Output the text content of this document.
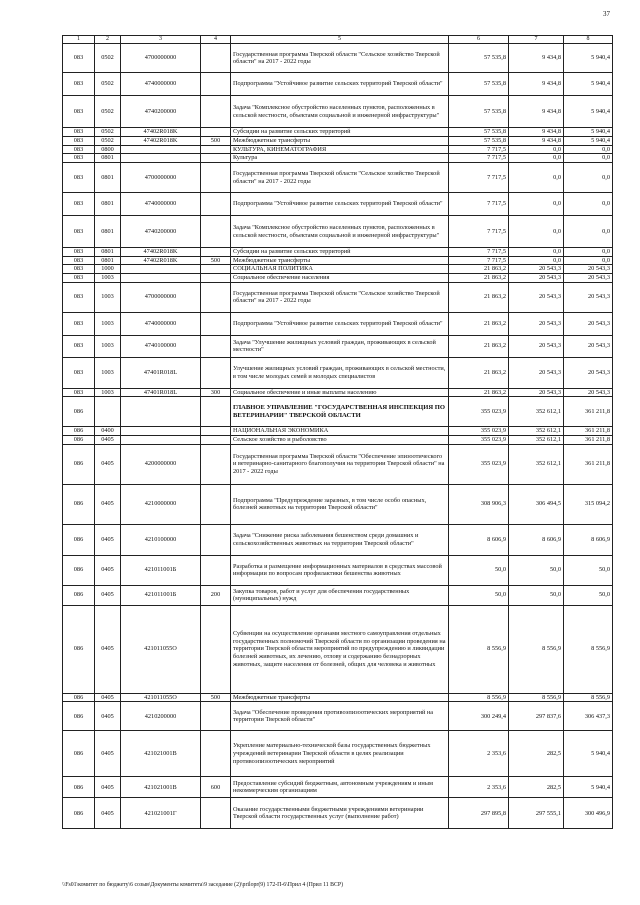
37
1	2	3	4	5	6	7	8
083	0502	4700000000		Государственная программа Тверской области "Сельское хозяйство Тверской области" на 2017 - 2022 годы	57 535,8	9 434,8	5 940,4
083	0502	4740000000		Подпрограмма "Устойчивое развитие сельских территорий Тверской области"	57 535,8	9 434,8	5 940,4
083	0502	4740200000		Задача "Комплексное обустройство населенных пунктов, расположенных в сельской местности, объектами социальной и инженерной инфраструктуры"	57 535,8	9 434,8	5 940,4
083	0502	47402R018K		Субсидии на развитие сельских территорий	57 535,8	9 434,8	5 940,4
083	0502	47402R018K	500	Межбюджетные трансферты	57 535,8	9 434,8	5 940,4
083	0800			КУЛЬТУРА, КИНЕМАТОГРАФИЯ	7 717,5	0,0	0,0
083	0801			Культура	7 717,5	0,0	0,0
083	0801	4700000000		Государственная программа Тверской области "Сельское хозяйство Тверской области" на 2017 - 2022 годы	7 717,5	0,0	0,0
083	0801	4740000000		Подпрограмма "Устойчивое развитие сельских территорий Тверской области"	7 717,5	0,0	0,0
083	0801	4740200000		Задача "Комплексное обустройство населенных пунктов, расположенных в сельской местности, объектами социальной и инженерной инфраструктуры"	7 717,5	0,0	0,0
083	0801	47402R018K		Субсидии на развитие сельских территорий	7 717,5	0,0	0,0
083	0801	47402R018K	500	Межбюджетные трансферты	7 717,5	0,0	0,0
083	1000			СОЦИАЛЬНАЯ ПОЛИТИКА	21 863,2	20 543,3	20 543,3
083	1003			Социальное обеспечение населения	21 863,2	20 543,3	20 543,3
083	1003	4700000000		Государственная программа Тверской области "Сельское хозяйство Тверской области" на 2017 - 2022 годы	21 863,2	20 543,3	20 543,3
083	1003	4740000000		Подпрограмма "Устойчивое развитие сельских территорий Тверской области"	21 863,2	20 543,3	20 543,3
083	1003	4740100000		Задача "Улучшение жилищных условий граждан, проживающих в сельской местности"	21 863,2	20 543,3	20 543,3
083	1003	47401R018L		Улучшение жилищных условий граждан, проживающих в сельской местности, в том числе молодых семей и молодых специалистов	21 863,2	20 543,3	20 543,3
083	1003	47401R018L	300	Социальное обеспечение и иные выплаты населению	21 863,2	20 543,3	20 543,3
086				ГЛАВНОЕ УПРАВЛЕНИЕ "ГОСУДАРСТВЕННАЯ ИНСПЕКЦИЯ ПО ВЕТЕРИНАРИИ" ТВЕРСКОЙ ОБЛАСТИ	355 023,9	352 612,1	361 211,8
086	0400			НАЦИОНАЛЬНАЯ ЭКОНОМИКА	355 023,9	352 612,1	361 211,8
086	0405			Сельское хозяйство и рыболовство	355 023,9	352 612,1	361 211,8
086	0405	4200000000		Государственная программа Тверской области "Обеспечение эпизоотического и ветеринарно-санитарного благополучия на территории Тверской области" на 2017 - 2022 годы	355 023,9	352 612,1	361 211,8
086	0405	4210000000		Подпрограмма "Предупреждение заразных, в том числе особо опасных, болезней животных на территории Тверской области"	308 906,3	306 494,5	315 094,2
086	0405	4210100000		Задача "Снижение риска заболевания бешенством среди домашних и сельскохозяйственных животных на территории Тверской области"	8 606,9	8 606,9	8 606,9
086	0405	421011001Б		Разработка и размещение информационных материалов в средствах массовой информации по вопросам профилактики бешенства животных	50,0	50,0	50,0
086	0405	421011001Б	200	Закупка товаров, работ и услуг для обеспечения государственных (муниципальных) нужд	50,0	50,0	50,0
086	0405	421011055О		Субвенции на осуществление органами местного самоуправления отдельных государственных полномочий Тверской области по организации проведения на территории Тверской области мероприятий по предупреждению и ликвидации болезней животных, их лечению, отлову и содержанию безнадзорных животных, защите населения от болезней, общих для человека и животных	8 556,9	8 556,9	8 556,9
086	0405	421011055О	500	Межбюджетные трансферты	8 556,9	8 556,9	8 556,9
086	0405	4210200000		Задача "Обеспечение проведения противоэпизоотических мероприятий на территории Тверской области"	300 249,4	297 837,6	306 437,3
086	0405	421021001В		Укрепление материально-технической базы государственных бюджетных учреждений ветеринарии Тверской области в целях реализации противоэпизоотических мероприятий	2 353,6	282,5	5 940,4
086	0405	421021001В	600	Предоставление субсидий бюджетным, автономным учреждениям и иным некоммерческим организациям	2 353,6	282,5	5 940,4
086	0405	421021001Г		Оказание государственными бюджетными учреждениями ветеринарии Тверской области государственных услуг (выполнение работ)	297 895,8	297 555,1	300 496,9
\\Fs01\комитет по бюджету\6 созыв\Документы комитета\9 заседание (2)\prilopr(9) 172-П-6\Прил 4 (Прил 11 ВСР)
